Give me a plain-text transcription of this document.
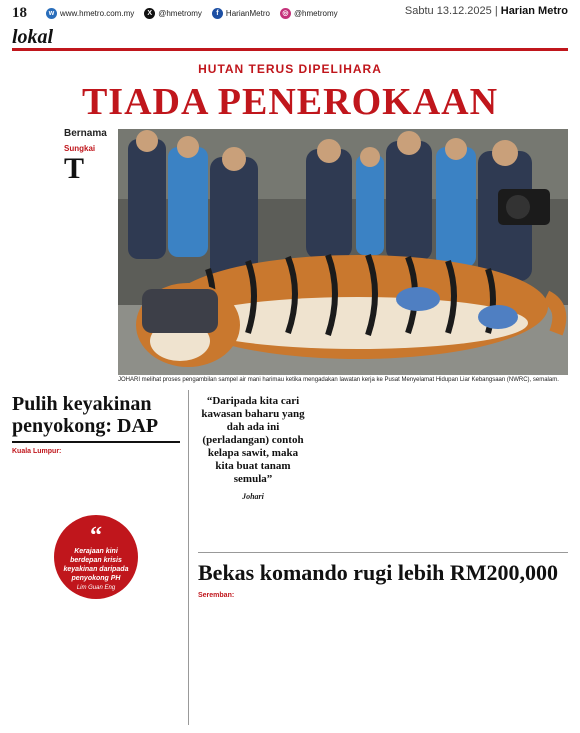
18	w www.hmetro.com.my	X @hmetromy	f HarianMetro	◎ @hmetromy	Sabtu 13.12.2025 | Harian Metro
lokal
HUTAN TERUS DIPELIHARA
TIADA PENEROKAAN
Bernama
Sungkai
T
JOHARI melihat proses pengambilan sampel air mani harimau ketika mengadakan lawatan kerja ke Pusat Menyelamat Hidupan Liar Kebangsaan (NWRC), semalam.
Pulih keyakinan penyokong: DAP
Kuala Lumpur:
“
Kerajaan kini berdepan krisis keyakinan daripada penyokong PH
Lim Guan Eng
“Daripada kita cari kawasan baharu yang dah ada ini (perladangan) contoh kelapa sawit, maka kita buat tanam semula”
Johari
Bekas komando rugi lebih RM200,000
Seremban:
